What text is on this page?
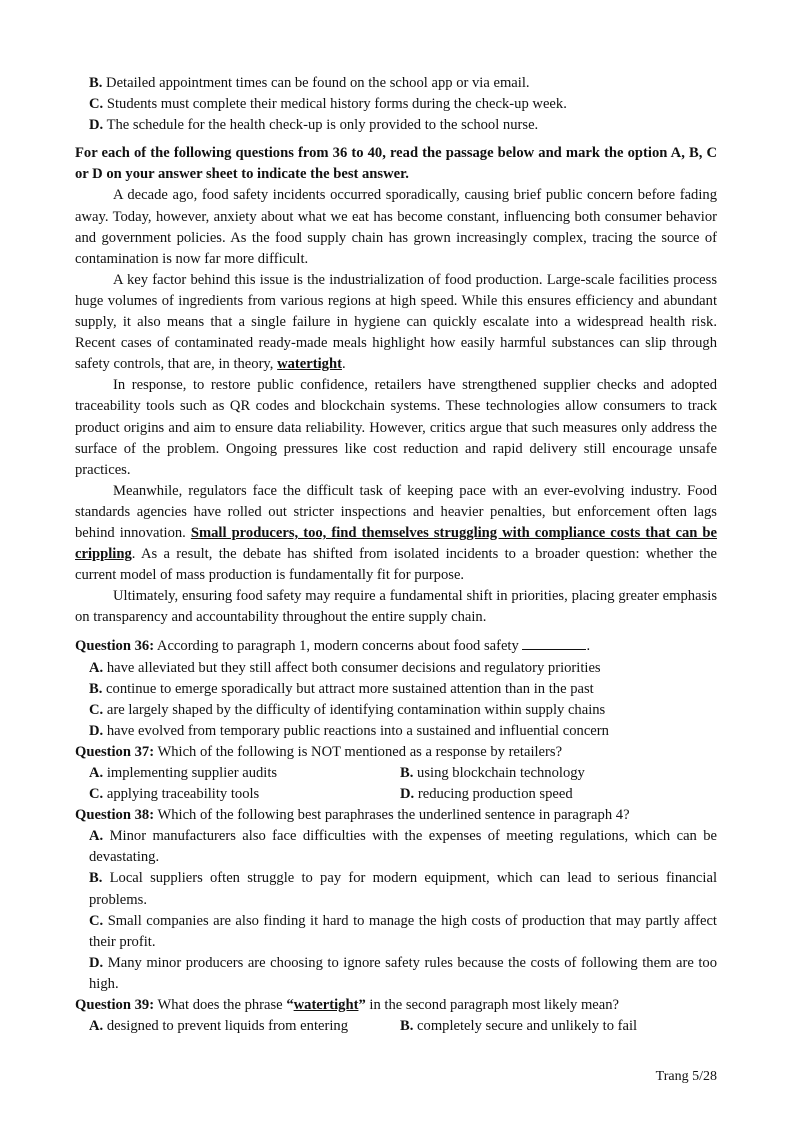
B. Detailed appointment times can be found on the school app or via email.
C. Students must complete their medical history forms during the check-up week.
D. The schedule for the health check-up is only provided to the school nurse.
For each of the following questions from 36 to 40, read the passage below and mark the option A, B, C or D on your answer sheet to indicate the best answer.
A decade ago, food safety incidents occurred sporadically, causing brief public concern before fading away. Today, however, anxiety about what we eat has become constant, influencing both consumer behavior and government policies. As the food supply chain has grown increasingly complex, tracing the source of contamination is now far more difficult.
A key factor behind this issue is the industrialization of food production. Large-scale facilities process huge volumes of ingredients from various regions at high speed. While this ensures efficiency and abundant supply, it also means that a single failure in hygiene can quickly escalate into a widespread health risk. Recent cases of contaminated ready-made meals highlight how easily harmful substances can slip through safety controls, that are, in theory, watertight.
In response, to restore public confidence, retailers have strengthened supplier checks and adopted traceability tools such as QR codes and blockchain systems. These technologies allow consumers to track product origins and aim to ensure data reliability. However, critics argue that such measures only address the surface of the problem. Ongoing pressures like cost reduction and rapid delivery still encourage unsafe practices.
Meanwhile, regulators face the difficult task of keeping pace with an ever-evolving industry. Food standards agencies have rolled out stricter inspections and heavier penalties, but enforcement often lags behind innovation. Small producers, too, find themselves struggling with compliance costs that can be crippling. As a result, the debate has shifted from isolated incidents to a broader question: whether the current model of mass production is fundamentally fit for purpose.
Ultimately, ensuring food safety may require a fundamental shift in priorities, placing greater emphasis on transparency and accountability throughout the entire supply chain.
Question 36: According to paragraph 1, modern concerns about food safety	.
A. have alleviated but they still affect both consumer decisions and regulatory priorities
B. continue to emerge sporadically but attract more sustained attention than in the past
C. are largely shaped by the difficulty of identifying contamination within supply chains
D. have evolved from temporary public reactions into a sustained and influential concern
Question 37: Which of the following is NOT mentioned as a response by retailers?
A. implementing supplier audits	B. using blockchain technology
C. applying traceability tools	D. reducing production speed
Question 38: Which of the following best paraphrases the underlined sentence in paragraph 4?
A. Minor manufacturers also face difficulties with the expenses of meeting regulations, which can be devastating.
B. Local suppliers often struggle to pay for modern equipment, which can lead to serious financial problems.
C. Small companies are also finding it hard to manage the high costs of production that may partly affect their profit.
D. Many minor producers are choosing to ignore safety rules because the costs of following them are too high.
Question 39: What does the phrase “watertight” in the second paragraph most likely mean?
A. designed to prevent liquids from entering	B. completely secure and unlikely to fail
Trang 5/28
